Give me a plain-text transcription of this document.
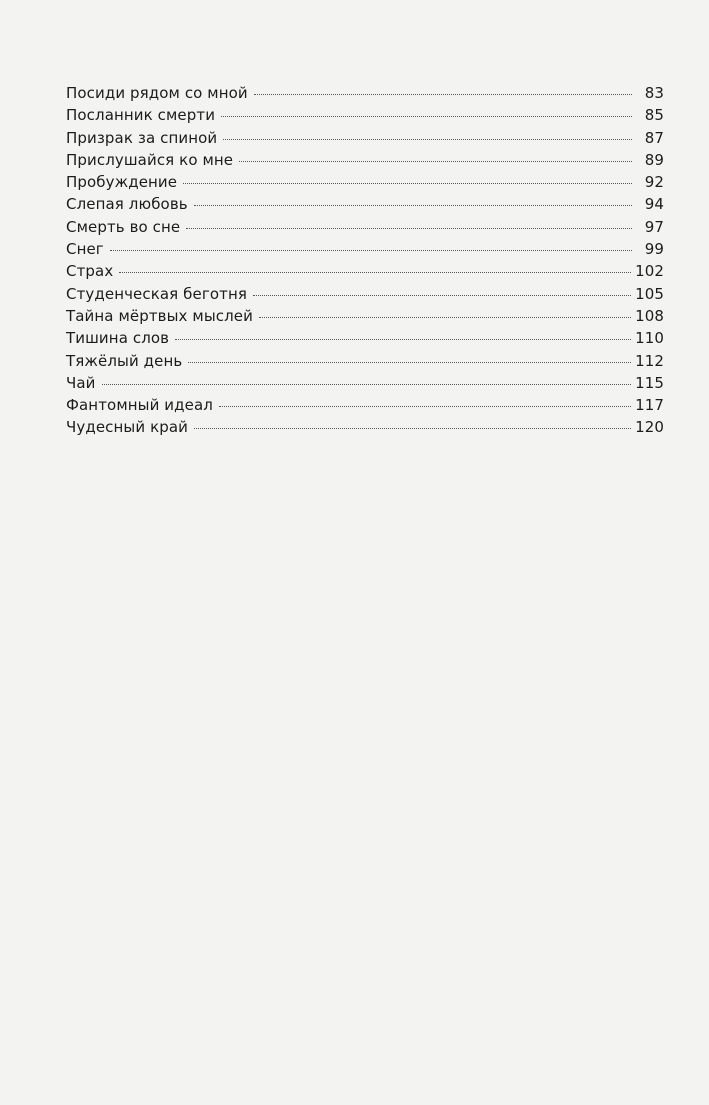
Посиди рядом со мной	83
Посланник смерти	85
Призрак за спиной	87
Прислушайся ко мне	89
Пробуждение	92
Слепая любовь	94
Смерть во сне	97
Снег	99
Страх	102
Студенческая беготня	105
Тайна мёртвых мыслей	108
Тишина слов	110
Тяжёлый день	112
Чай	115
Фантомный идеал	117
Чудесный край	120
